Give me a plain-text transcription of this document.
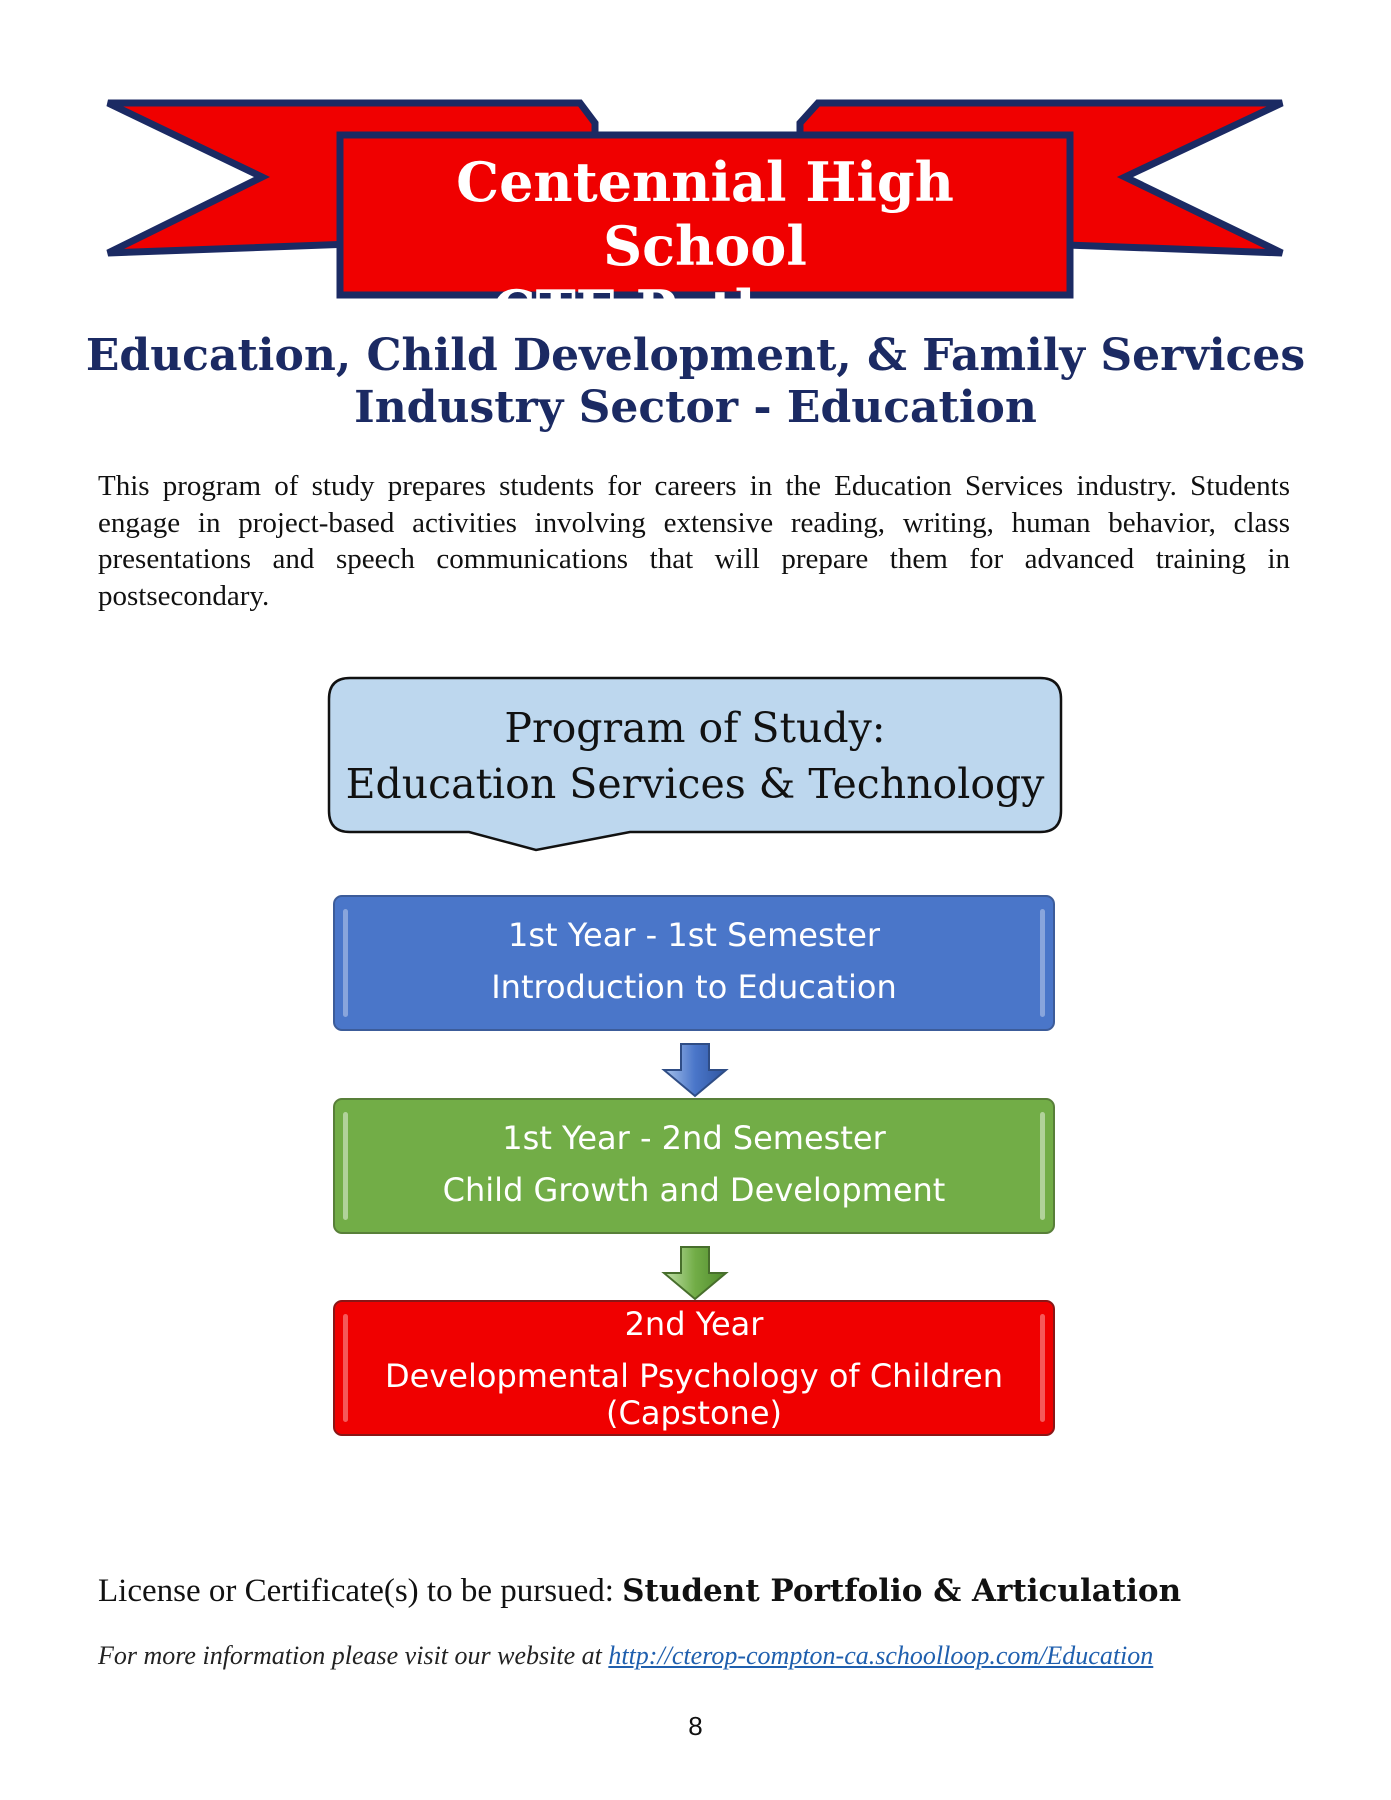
Centennial High School
CTE Pathways
Education, Child Development, & Family Services
Industry Sector - Education
This program of study prepares students for careers in the Education Services industry. Students engage in project-based activities involving extensive reading, writing, human behavior, class presentations and speech communications that will prepare them for advanced training in postsecondary.
Program of Study:
Education Services & Technology
1st Year - 1st Semester
Introduction to Education
1st Year - 2nd Semester
Child Growth and Development
2nd Year
Developmental Psychology of Children
(Capstone)
License or Certificate(s) to be pursued: Student Portfolio & Articulation
For more information please visit our website at http://cterop-compton-ca.schoolloop.com/Education
8
